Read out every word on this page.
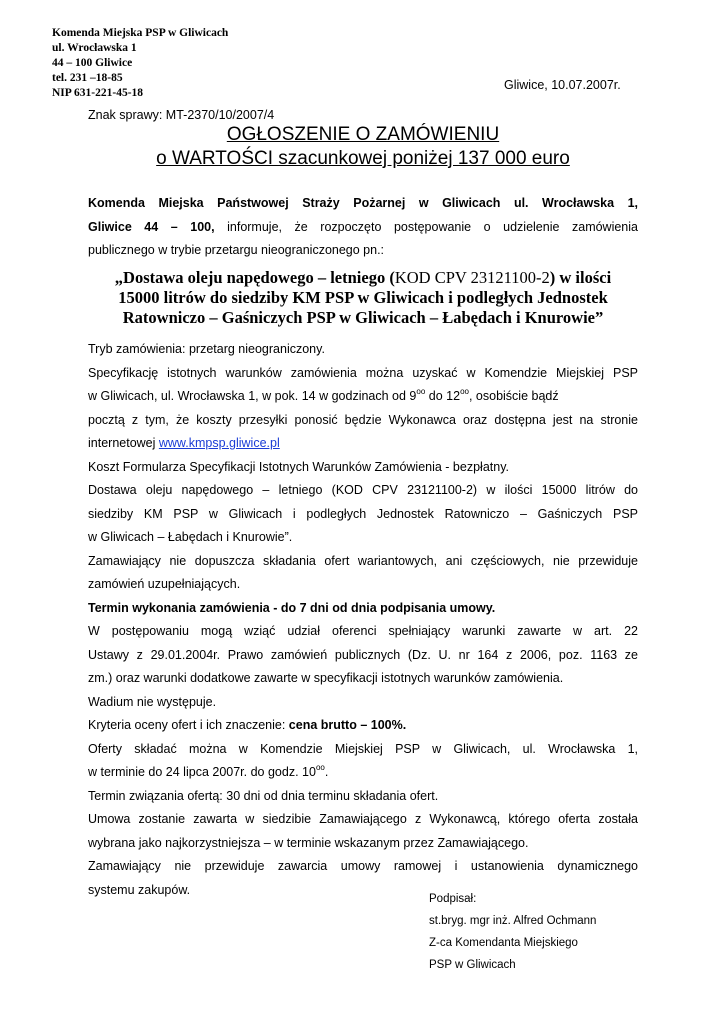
Komenda Miejska PSP w Gliwicach
ul. Wrocławska 1
44 – 100 Gliwice
tel. 231 –18-85
NIP 631-221-45-18
Gliwice, 10.07.2007r.
Znak sprawy: MT-2370/10/2007/4
OGŁOSZENIE O ZAMÓWIENIU
o WARTOŚCI szacunkowej poniżej 137 000 euro
Komenda Miejska Państwowej Straży Pożarnej w Gliwicach ul. Wrocławska 1,
Gliwice 44 – 100, informuje, że rozpoczęto postępowanie o udzielenie zamówienia
publicznego w trybie przetargu nieograniczonego pn.:
„Dostawa oleju napędowego – letniego (KOD CPV 23121100-2) w ilości
15000 litrów do siedziby KM PSP w Gliwicach i podległych Jednostek
Ratowniczo – Gaśniczych PSP w Gliwicach – Łabędach i Knurowie”
Tryb zamówienia: przetarg nieograniczony.
Specyfikację istotnych warunków zamówienia można uzyskać w Komendzie Miejskiej PSP
w Gliwicach, ul. Wrocławska 1, w pok. 14 w godzinach od $9^{oo}$ do $12^{oo}$, osobiście bądź
pocztą z tym, że koszty przesyłki ponosić będzie Wykonawca oraz dostępna jest na stronie
internetowej www.kmpsp.gliwice.pl
Koszt Formularza Specyfikacji Istotnych Warunków Zamówienia - bezpłatny.
Dostawa oleju napędowego – letniego (KOD CPV 23121100-2) w ilości 15000 litrów do
siedziby KM PSP w Gliwicach i podległych Jednostek Ratowniczo – Gaśniczych PSP
w Gliwicach – Łabędach i Knurowie”.
Zamawiający nie dopuszcza składania ofert wariantowych, ani częściowych, nie przewiduje
zamówień uzupełniających.
Termin wykonania zamówienia - do 7 dni od dnia podpisania umowy.
W postępowaniu mogą wziąć udział oferenci spełniający warunki zawarte w art. 22
Ustawy z 29.01.2004r. Prawo zamówień publicznych (Dz. U. nr 164 z 2006, poz. 1163 ze
zm.) oraz warunki dodatkowe zawarte w specyfikacji istotnych warunków zamówienia.
Wadium nie występuje.
Kryteria oceny ofert i ich znaczenie: cena brutto – 100%.
Oferty składać można w Komendzie Miejskiej PSP w Gliwicach, ul. Wrocławska 1,
w terminie do 24 lipca 2007r. do godz. $10^{oo}$.
Termin związania ofertą: 30 dni od dnia terminu składania ofert.
Umowa zostanie zawarta w siedzibie Zamawiającego z Wykonawcą, którego oferta została
wybrana jako najkorzystniejsza – w terminie wskazanym przez Zamawiającego.
Zamawiający nie przewiduje zawarcia umowy ramowej i ustanowienia dynamicznego
systemu zakupów.
Podpisał:
st.bryg. mgr inż. Alfred Ochmann
Z-ca Komendanta Miejskiego
PSP w Gliwicach
